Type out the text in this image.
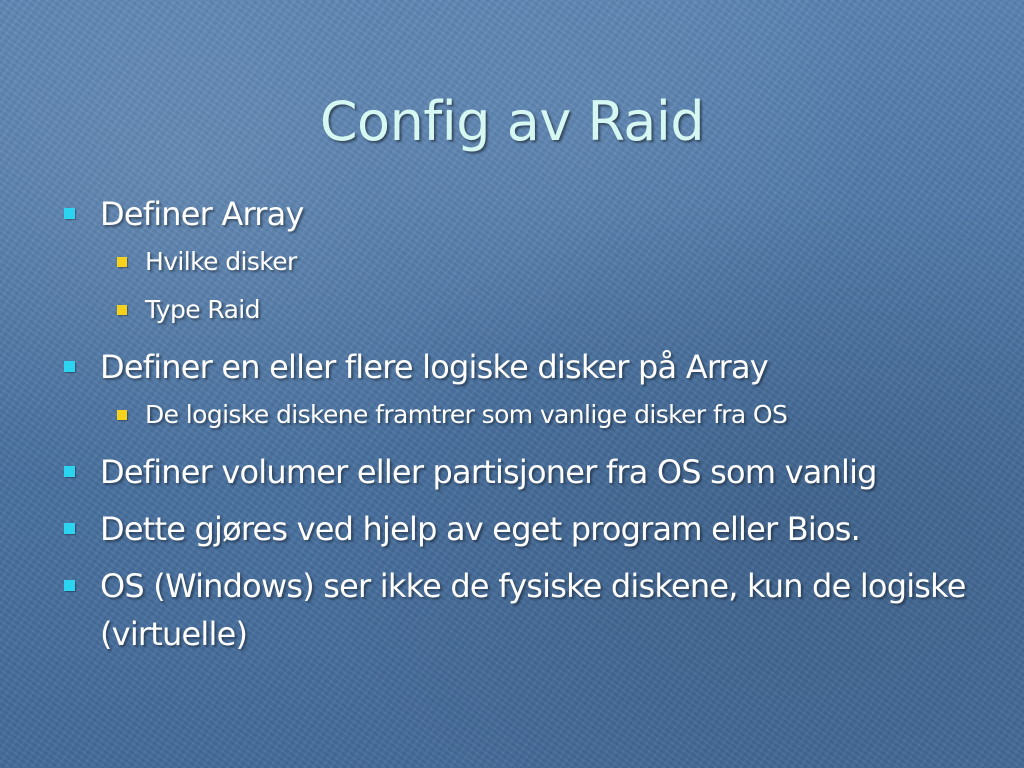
Config av Raid
Definer Array
Hvilke disker
Type Raid
Definer en eller flere logiske disker på Array
De logiske diskene framtrer som vanlige disker fra OS
Definer volumer eller partisjoner fra OS som vanlig
Dette gjøres ved hjelp av eget program eller Bios.
OS (Windows) ser ikke de fysiske diskene, kun de logiske (virtuelle)
